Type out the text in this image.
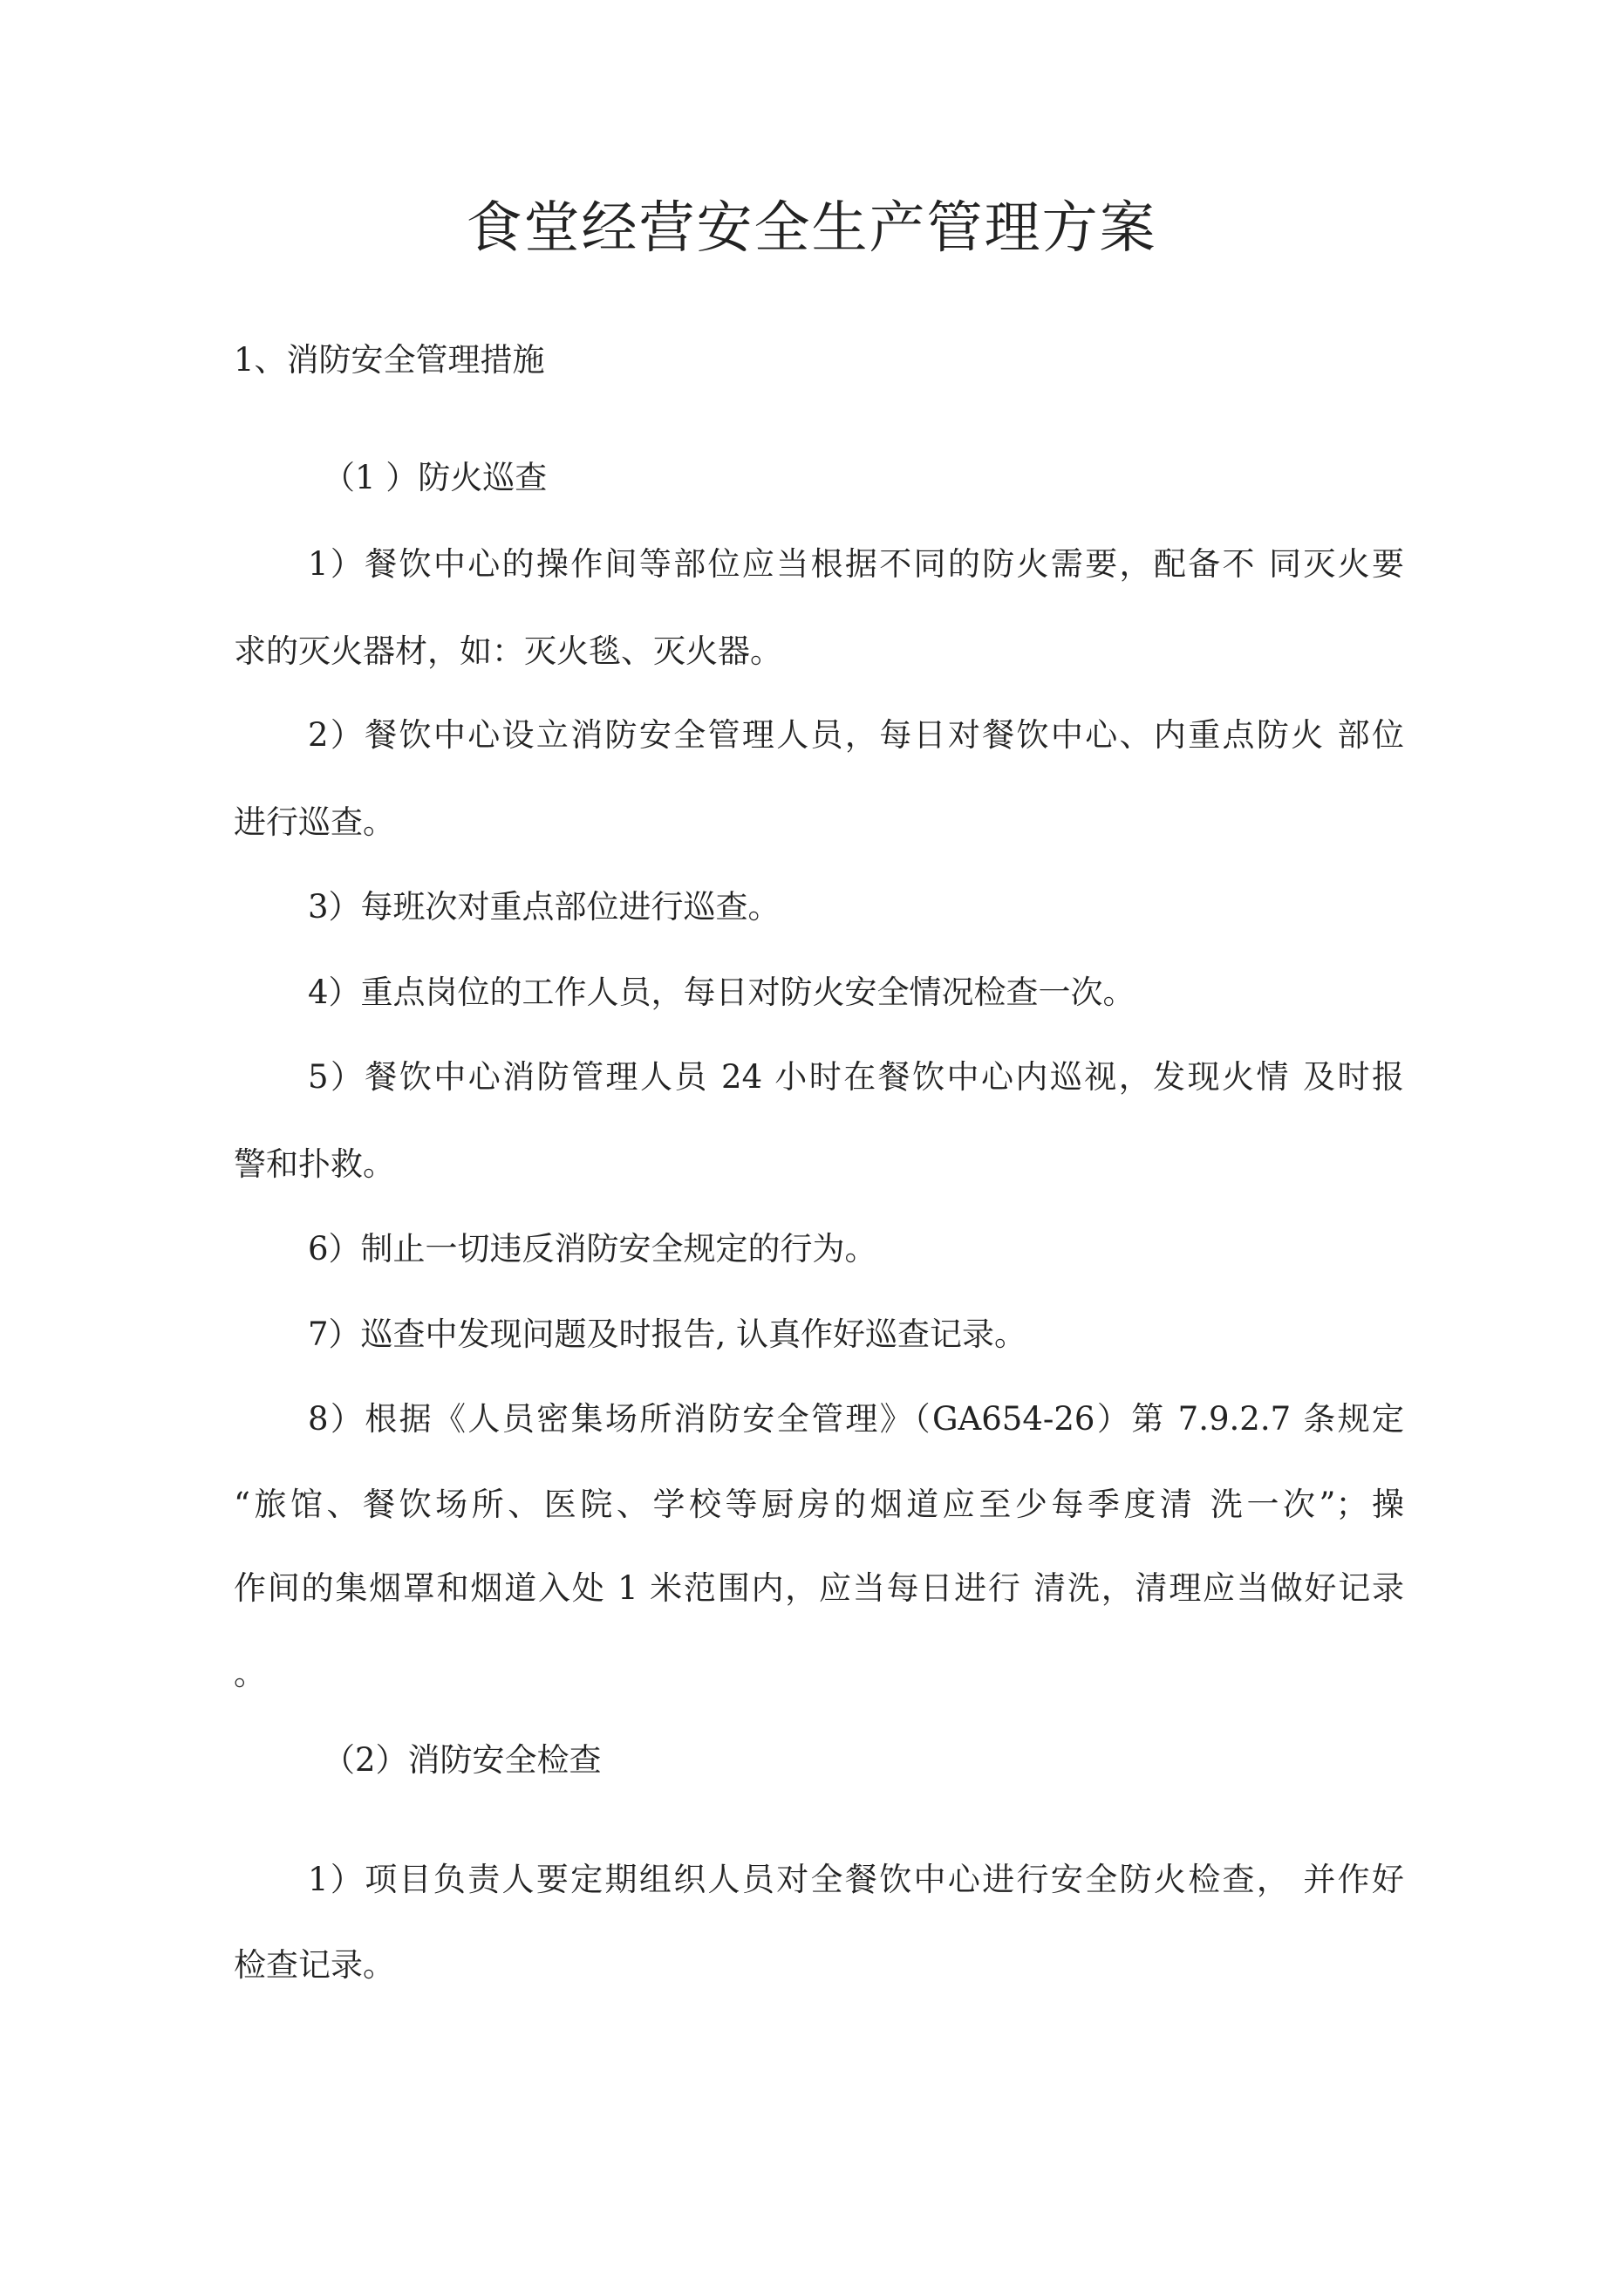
食堂经营安全生产管理方案

1、消防安全管理措施

（1 ）防火巡查

1）餐饮中心的操作间等部位应当根据不同的防火需要，配备不 同灭火要

求的灭火器材，如：灭火毯、灭火器。

2）餐饮中心设立消防安全管理人员，每日对餐饮中心、内重点防火 部位

进行巡查。

3）每班次对重点部位进行巡查。

4）重点岗位的工作人员，每日对防火安全情况检查一次。

5）餐饮中心消防管理人员 24 小时在餐饮中心内巡视，发现火情 及时报

警和扑救。

6）制止一切违反消防安全规定的行为。

7）巡查中发现问题及时报告, 认真作好巡查记录。

8）根据《人员密集场所消防安全管理》（GA654-26）第 7.9.2.7 条规定

“旅馆、餐饮场所、医院、学校等厨房的烟道应至少每季度清 洗一次”；操

作间的集烟罩和烟道入处 1 米范围内，应当每日进行 清洗，清理应当做好记录

。

（2）消防安全检查

1）项目负责人要定期组织人员对全餐饮中心进行安全防火检查， 并作好

检查记录。
